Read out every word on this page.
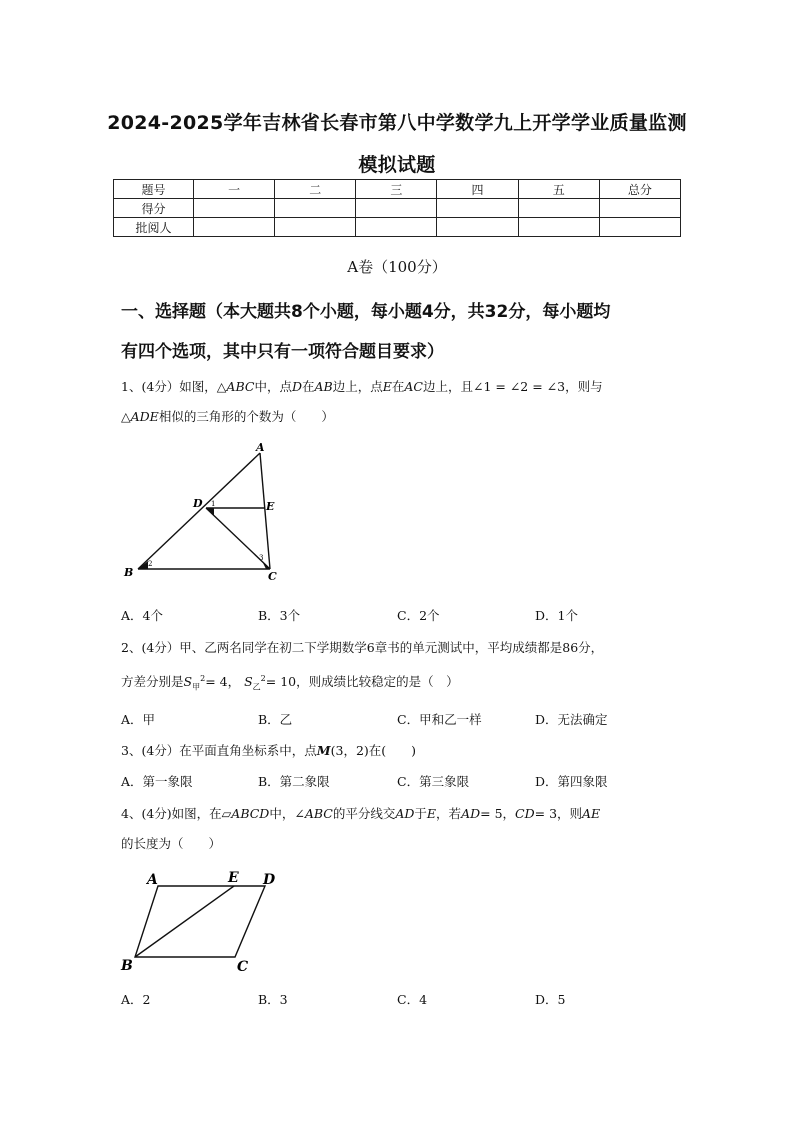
2024-2025学年吉林省长春市第八中学数学九上开学学业质量监测
模拟试题
题号	一	二	三	四	五	总分
得分						
批阅人						
A卷（100分）
一、选择题（本大题共8个小题，每小题4分，共32分，每小题均
有四个选项，其中只有一项符合题目要求）
1、(4分）如图，△ABC中，点D在AB边上，点E在AC边上，且∠1 = ∠2 = ∠3，则与
△ADE相似的三角形的个数为（　　）
A
D	E
B	C
1
2
3
A．4个	B．3个	C．2个	D．1个
2、(4分）甲、乙两名同学在初二下学期数学6章书的单元测试中，平均成绩都是86分，
方差分别是$S_甲^2= 4$， $S_乙^2= 10$，则成绩比较稳定的是（　）
A．甲	B．乙	C．甲和乙一样	D．无法确定
3、(4分）在平面直角坐标系中，点M(3，2)在(　　)
A．第一象限	B．第二象限	C．第三象限	D．第四象限
4、(4分)如图，在▱ABCD中，∠ABC的平分线交AD于E，若AD= 5，CD= 3，则AE
的长度为（　　）
A	E D
B	C
A．2	B．3	C．4	D．5
